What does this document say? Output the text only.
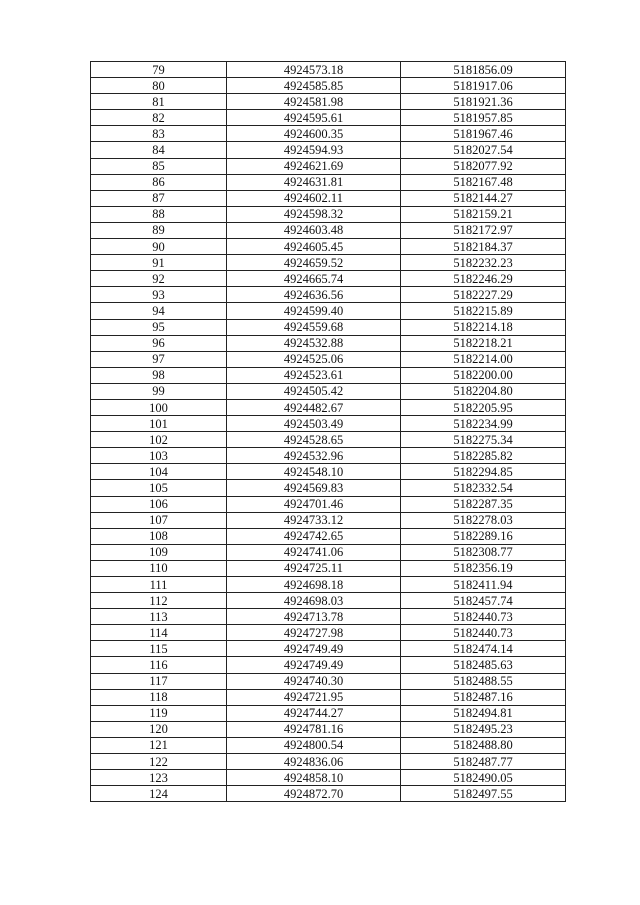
79	4924573.18	5181856.09
80	4924585.85	5181917.06
81	4924581.98	5181921.36
82	4924595.61	5181957.85
83	4924600.35	5181967.46
84	4924594.93	5182027.54
85	4924621.69	5182077.92
86	4924631.81	5182167.48
87	4924602.11	5182144.27
88	4924598.32	5182159.21
89	4924603.48	5182172.97
90	4924605.45	5182184.37
91	4924659.52	5182232.23
92	4924665.74	5182246.29
93	4924636.56	5182227.29
94	4924599.40	5182215.89
95	4924559.68	5182214.18
96	4924532.88	5182218.21
97	4924525.06	5182214.00
98	4924523.61	5182200.00
99	4924505.42	5182204.80
100	4924482.67	5182205.95
101	4924503.49	5182234.99
102	4924528.65	5182275.34
103	4924532.96	5182285.82
104	4924548.10	5182294.85
105	4924569.83	5182332.54
106	4924701.46	5182287.35
107	4924733.12	5182278.03
108	4924742.65	5182289.16
109	4924741.06	5182308.77
110	4924725.11	5182356.19
111	4924698.18	5182411.94
112	4924698.03	5182457.74
113	4924713.78	5182440.73
114	4924727.98	5182440.73
115	4924749.49	5182474.14
116	4924749.49	5182485.63
117	4924740.30	5182488.55
118	4924721.95	5182487.16
119	4924744.27	5182494.81
120	4924781.16	5182495.23
121	4924800.54	5182488.80
122	4924836.06	5182487.77
123	4924858.10	5182490.05
124	4924872.70	5182497.55
